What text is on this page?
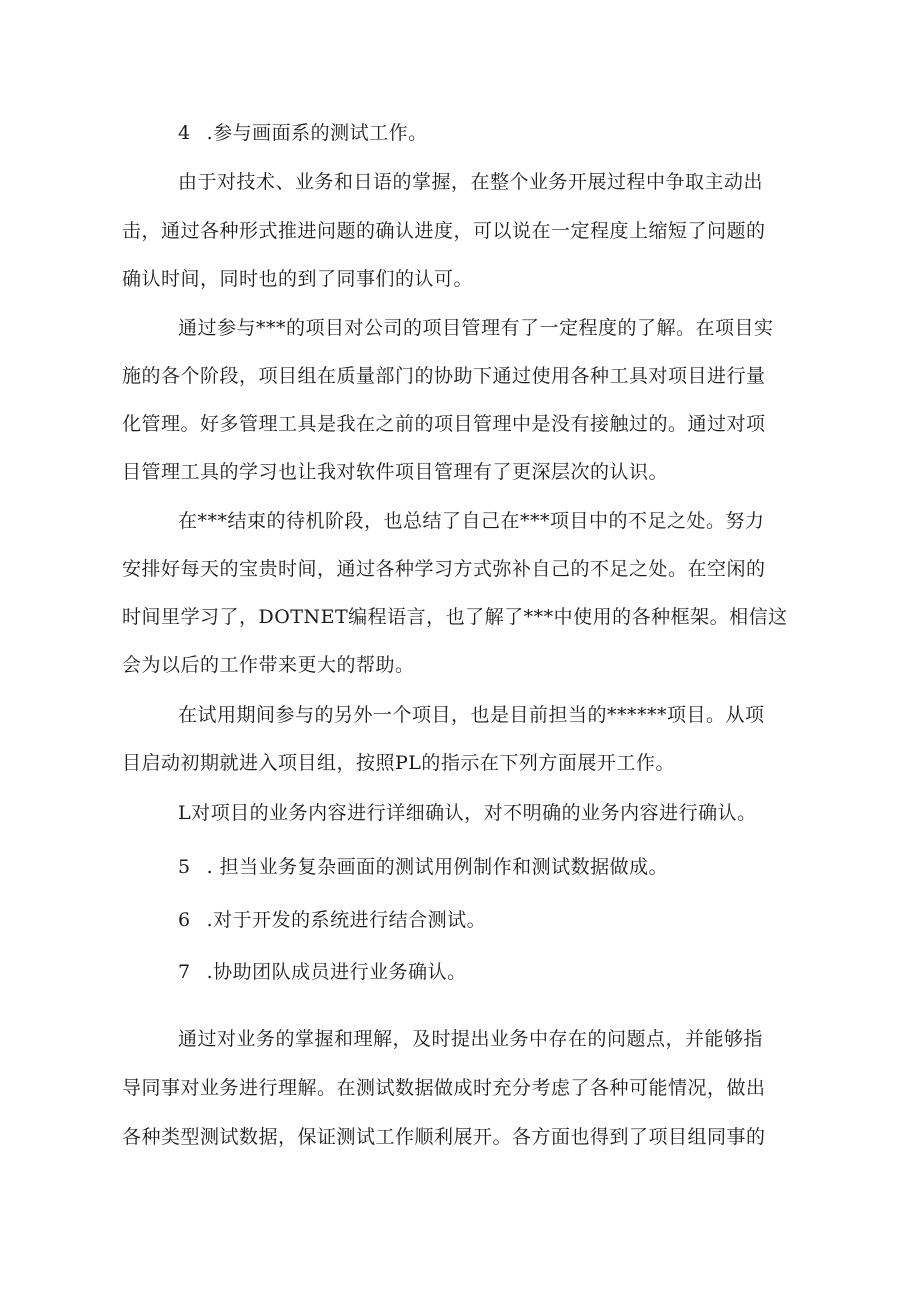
4 .参与画面系的测试工作。
由于对技术、业务和日语的掌握，在整个业务开展过程中争取主动出
击，通过各种形式推进问题的确认进度，可以说在一定程度上缩短了问题的
确认时间，同时也的到了同事们的认可。
通过参与***的项目对公司的项目管理有了一定程度的了解。在项目实
施的各个阶段，项目组在质量部门的协助下通过使用各种工具对项目进行量
化管理。好多管理工具是我在之前的项目管理中是没有接触过的。通过对项
目管理工具的学习也让我对软件项目管理有了更深层次的认识。
在***结束的待机阶段，也总结了自己在***项目中的不足之处。努力
安排好每天的宝贵时间，通过各种学习方式弥补自己的不足之处。在空闲的
时间里学习了，DOTNET编程语言，也了解了***中使用的各种框架。相信这
会为以后的工作带来更大的帮助。
在试用期间参与的另外一个项目，也是目前担当的******项目。从项
目启动初期就进入项目组，按照PL的指示在下列方面展开工作。
L对项目的业务内容进行详细确认，对不明确的业务内容进行确认。
5 . 担当业务复杂画面的测试用例制作和测试数据做成。
6 .对于开发的系统进行结合测试。
7 .协助团队成员进行业务确认。
通过对业务的掌握和理解，及时提出业务中存在的问题点，并能够指
导同事对业务进行理解。在测试数据做成时充分考虑了各种可能情况，做出
各种类型测试数据，保证测试工作顺利展开。各方面也得到了项目组同事的
